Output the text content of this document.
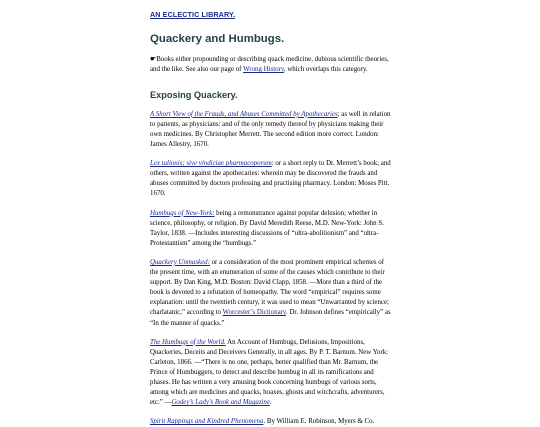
AN ECLECTIC LIBRARY.
Quackery and Humbugs.

☛Books either propounding or describing quack medicine, dubious scientific theories, and the like. See also our page of Wrong History, which overlaps this category.

Exposing Quackery.

A Short View of the Frauds, and Abuses Committed by Apothecaries; as well in relation to patients, as physicians: and of the only remedy thereof by physicians making their own medicines. By Christopher Merrett. The second edition more correct. London: James Allestry, 1670.

Lex talionis; sive vindiciae pharmacoporum: or a short reply to Dr. Merrett’s book; and others, written against the apothecaries: wherein may be discovered the frauds and abuses committed by doctors professing and practising pharmacy. London: Moses Pitt. 1670.

Humbugs of New-York: being a remonstrance against popular delusion; whether in science, philosophy, or religion. By David Meredith Reese, M.D. New-York: John S. Taylor, 1838. —Includes interesting discussions of “ultra-abolitionism” and “ultra-Protestantism” among the “humbugs.”

Quackery Unmasked: or a consideration of the most prominent empirical schemes of the present time, with an enumeration of some of the causes which contribute to their support. By Dan King, M.D. Boston: David Clapp, 1858. —More than a third of the book is devoted to a refutation of homeopathy. The word “empirical” requires some explanation: until the twentieth century, it was used to mean “Unwarranted by science; charlatanic,” according to Worcester’s Dictionary. Dr. Johnson defines “empirically” as “In the manner of quacks.”

The Humbugs of the World. An Account of Humbugs, Delusions, Impositions, Quackeries, Deceits and Deceivers Generally, in all ages. By P. T. Barnum. New York: Carleton, 1866. —“There is no one, perhaps, better qualified than Mr. Barnum, the Prince of Humbuggers, to detect and describe humbug in all its ramifications and phases. He has written a very amusing book concerning humbugs of various sorts, among which are medicines and quacks, hoaxes, ghosts and witchcrafts, adventurers, etc.” —Godey’s Lady’s Book and Magazine.

Spirit Rappings and Kindred Phenomena. By William E. Robinson, Myers & Co.
